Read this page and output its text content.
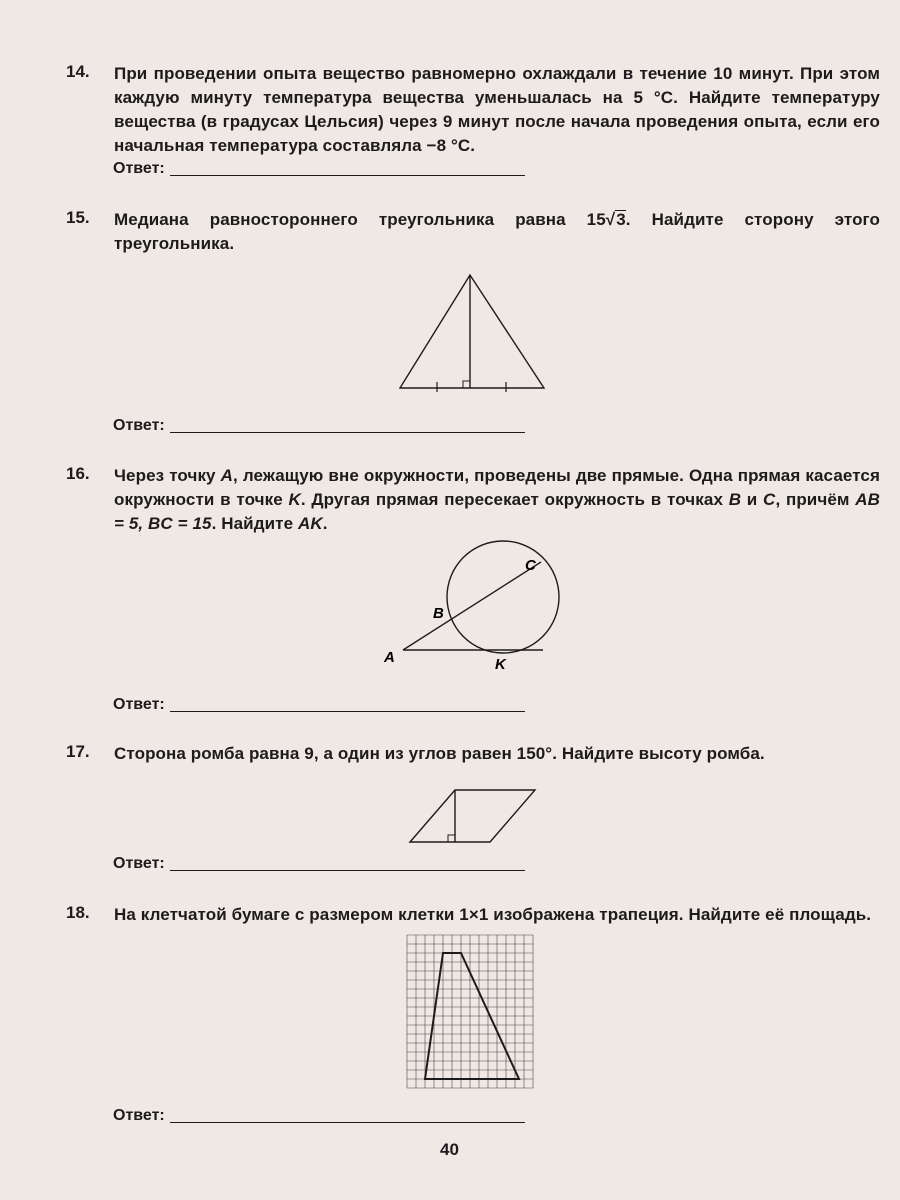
14. При проведении опыта вещество равномерно охлаждали в течение 10 минут. При этом каждую минуту температура вещества уменьшалась на 5 °С. Найдите температуру вещества (в градусах Цельсия) через 9 минут после начала проведения опыта, если его начальная температура составляла −8 °С.
Ответ:
15. Медиана равностороннего треугольника равна 15√3. Найдите сторону этого треугольника.
Ответ:
16. Через точку A, лежащую вне окружности, проведены две прямые. Одна прямая касается окружности в точке K. Другая прямая пересекает окружность в точках B и C, причём AB = 5, BC = 15. Найдите AK.
A
B
C
K
Ответ:
17. Сторона ромба равна 9, а один из углов равен 150°. Найдите высоту ромба.
Ответ:
18. На клетчатой бумаге с размером клетки 1×1 изображена трапеция. Найдите её площадь.
Ответ:
40
